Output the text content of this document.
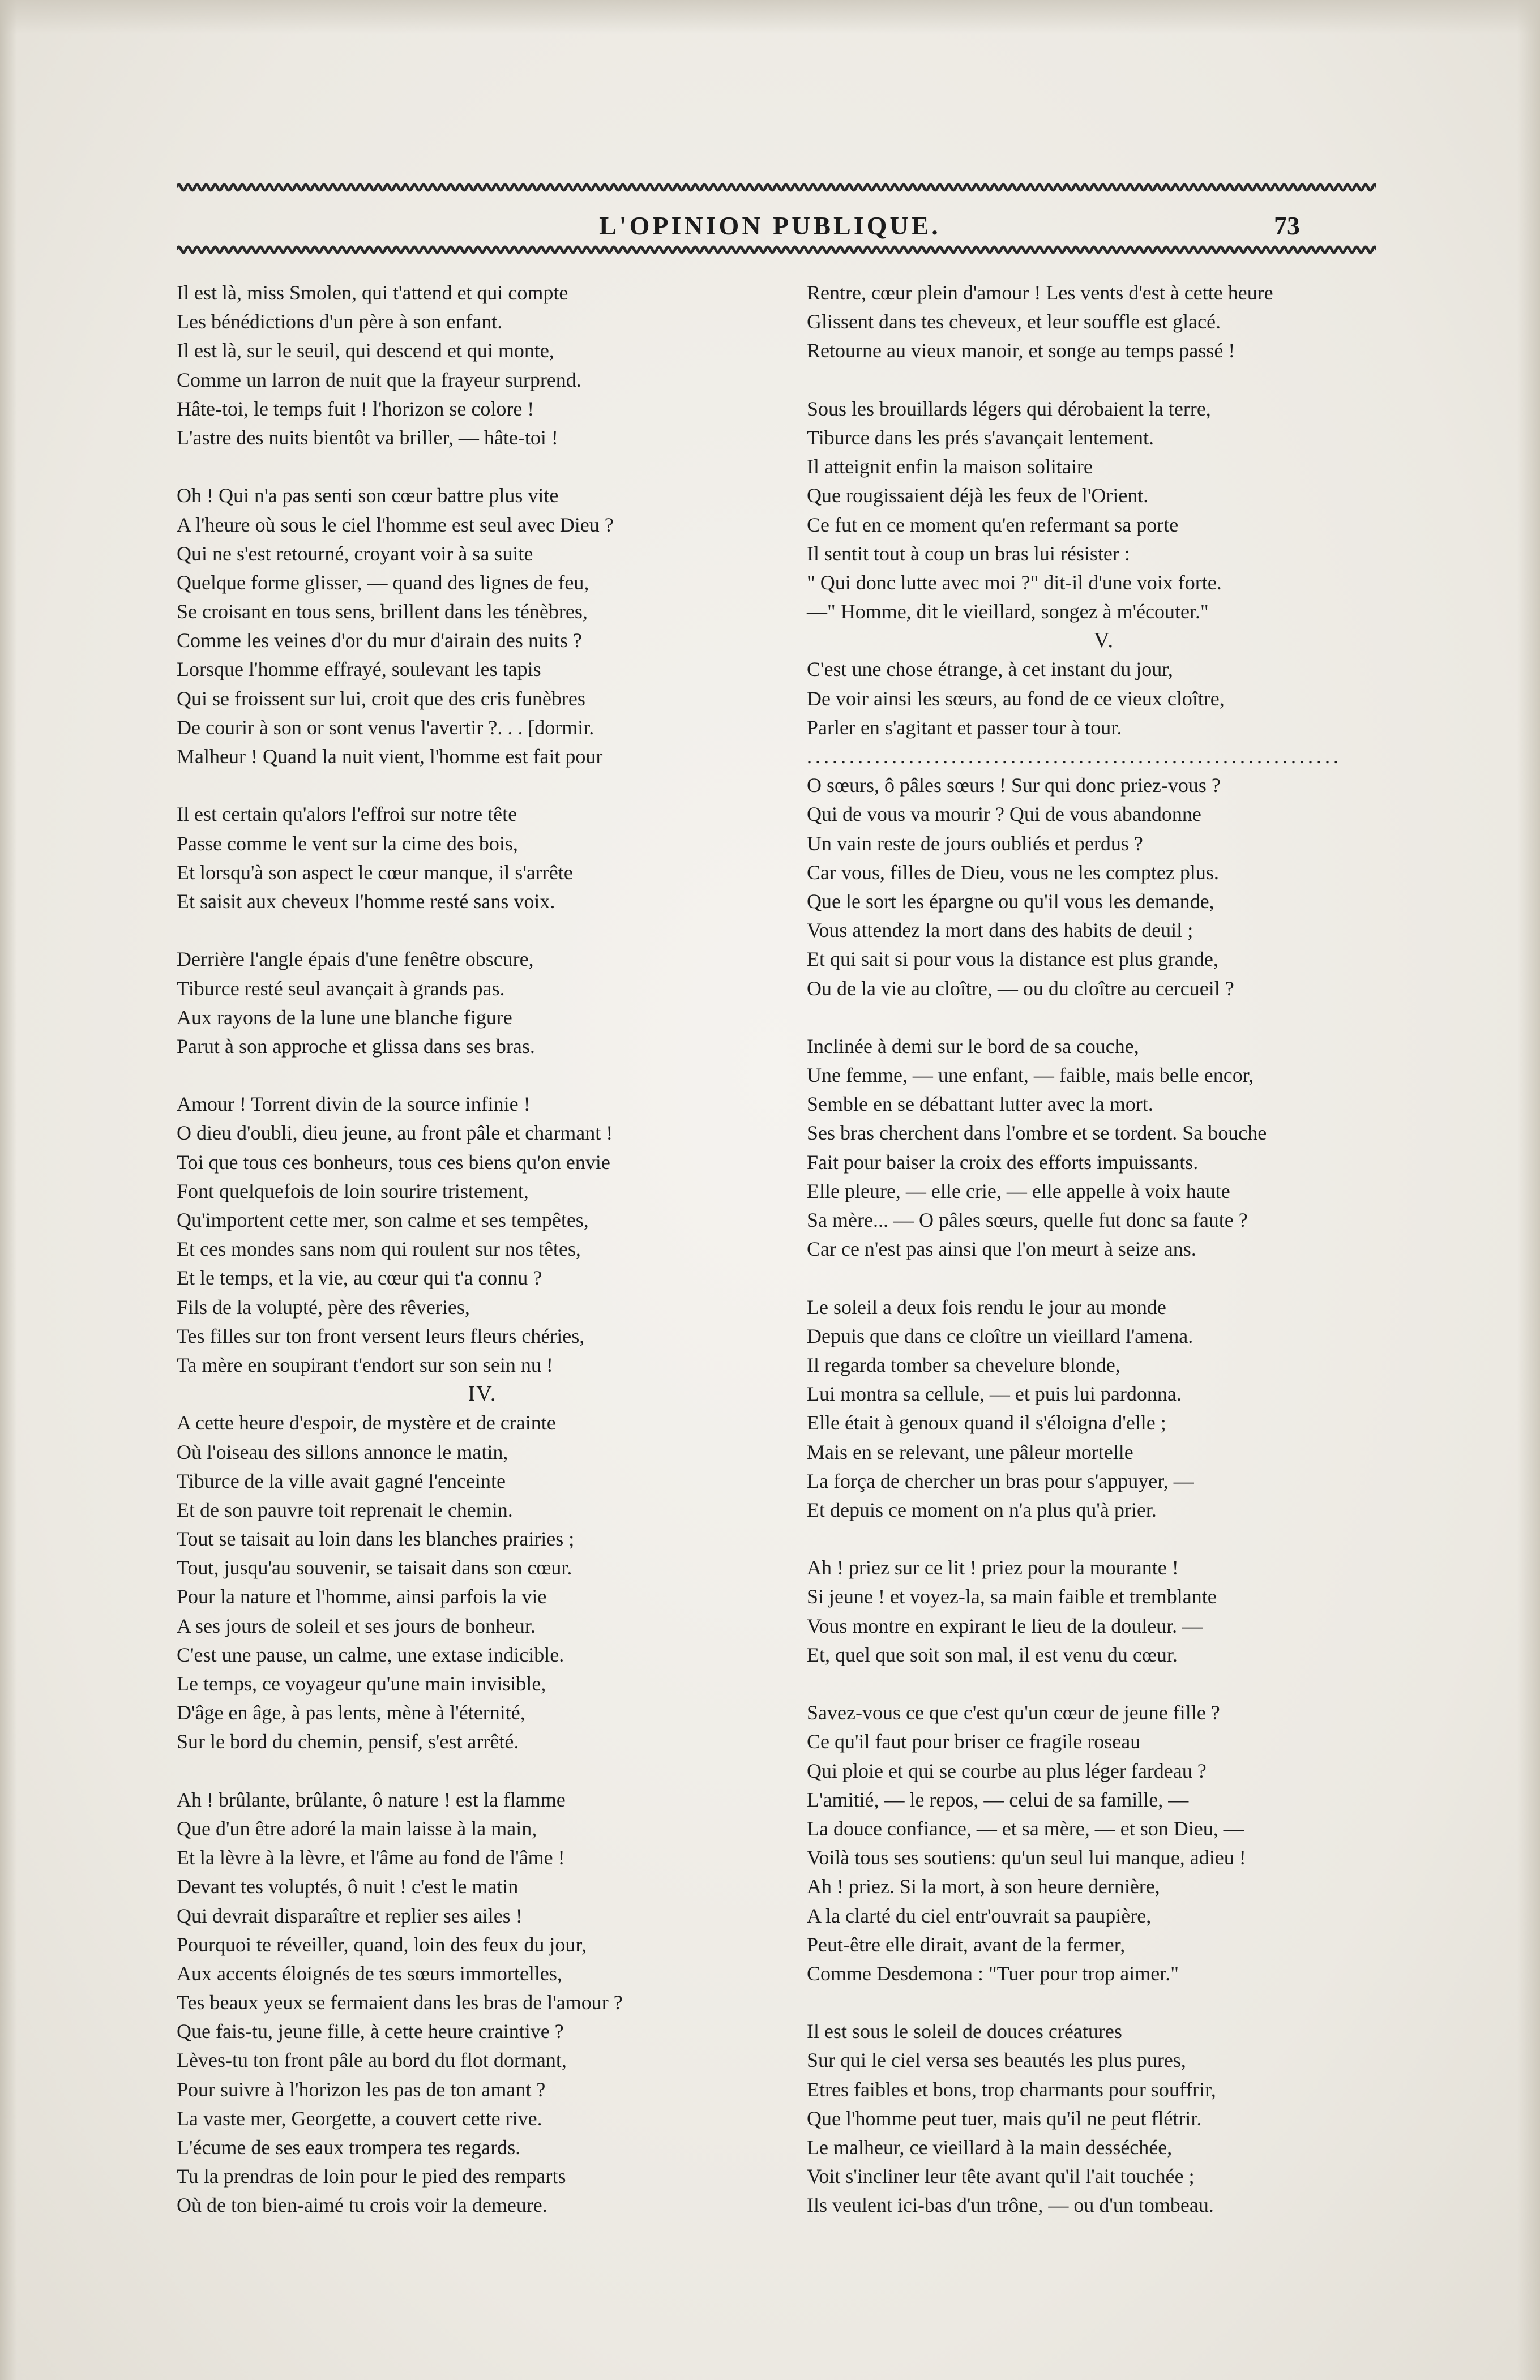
L'OPINION PUBLIQUE.	73
Il est là, miss Smolen, qui t'attend et qui compte
Les bénédictions d'un père à son enfant.
Il est là, sur le seuil, qui descend et qui monte,
Comme un larron de nuit que la frayeur surprend.
Hâte-toi, le temps fuit ! l'horizon se colore !
L'astre des nuits bientôt va briller, — hâte-toi !
Oh ! Qui n'a pas senti son cœur battre plus vite
A l'heure où sous le ciel l'homme est seul avec Dieu ?
Qui ne s'est retourné, croyant voir à sa suite
Quelque forme glisser, — quand des lignes de feu,
Se croisant en tous sens, brillent dans les ténèbres,
Comme les veines d'or du mur d'airain des nuits ?
Lorsque l'homme effrayé, soulevant les tapis
Qui se froissent sur lui, croit que des cris funèbres
De courir à son or sont venus l'avertir ?. . . [dormir.
Malheur ! Quand la nuit vient, l'homme est fait pour
Il est certain qu'alors l'effroi sur notre tête
Passe comme le vent sur la cime des bois,
Et lorsqu'à son aspect le cœur manque, il s'arrête
Et saisit aux cheveux l'homme resté sans voix.
Derrière l'angle épais d'une fenêtre obscure,
Tiburce resté seul avançait à grands pas.
Aux rayons de la lune une blanche figure
Parut à son approche et glissa dans ses bras.
Amour ! Torrent divin de la source infinie !
O dieu d'oubli, dieu jeune, au front pâle et charmant !
Toi que tous ces bonheurs, tous ces biens qu'on envie
Font quelquefois de loin sourire tristement,
Qu'importent cette mer, son calme et ses tempêtes,
Et ces mondes sans nom qui roulent sur nos têtes,
Et le temps, et la vie, au cœur qui t'a connu ?
Fils de la volupté, père des rêveries,
Tes filles sur ton front versent leurs fleurs chéries,
Ta mère en soupirant t'endort sur son sein nu !
IV.
A cette heure d'espoir, de mystère et de crainte
Où l'oiseau des sillons annonce le matin,
Tiburce de la ville avait gagné l'enceinte
Et de son pauvre toit reprenait le chemin.
Tout se taisait au loin dans les blanches prairies ;
Tout, jusqu'au souvenir, se taisait dans son cœur.
Pour la nature et l'homme, ainsi parfois la vie
A ses jours de soleil et ses jours de bonheur.
C'est une pause, un calme, une extase indicible.
Le temps, ce voyageur qu'une main invisible,
D'âge en âge, à pas lents, mène à l'éternité,
Sur le bord du chemin, pensif, s'est arrêté.
Ah ! brûlante, brûlante, ô nature ! est la flamme
Que d'un être adoré la main laisse à la main,
Et la lèvre à la lèvre, et l'âme au fond de l'âme !
Devant tes voluptés, ô nuit ! c'est le matin
Qui devrait disparaître et replier ses ailes !
Pourquoi te réveiller, quand, loin des feux du jour,
Aux accents éloignés de tes sœurs immortelles,
Tes beaux yeux se fermaient dans les bras de l'amour ?
Que fais-tu, jeune fille, à cette heure craintive ?
Lèves-tu ton front pâle au bord du flot dormant,
Pour suivre à l'horizon les pas de ton amant ?
La vaste mer, Georgette, a couvert cette rive.
L'écume de ses eaux trompera tes regards.
Tu la prendras de loin pour le pied des remparts
Où de ton bien-aimé tu crois voir la demeure.
Rentre, cœur plein d'amour ! Les vents d'est à cette heure
Glissent dans tes cheveux, et leur souffle est glacé.
Retourne au vieux manoir, et songe au temps passé !
Sous les brouillards légers qui dérobaient la terre,
Tiburce dans les prés s'avançait lentement.
Il atteignit enfin la maison solitaire
Que rougissaient déjà les feux de l'Orient.
Ce fut en ce moment qu'en refermant sa porte
Il sentit tout à coup un bras lui résister :
" Qui donc lutte avec moi ?" dit-il d'une voix forte.
—" Homme, dit le vieillard, songez à m'écouter."
V.
C'est une chose étrange, à cet instant du jour,
De voir ainsi les sœurs, au fond de ce vieux cloître,
Parler en s'agitant et passer tour à tour.
...............................................................
O sœurs, ô pâles sœurs ! Sur qui donc priez-vous ?
Qui de vous va mourir ? Qui de vous abandonne
Un vain reste de jours oubliés et perdus ?
Car vous, filles de Dieu, vous ne les comptez plus.
Que le sort les épargne ou qu'il vous les demande,
Vous attendez la mort dans des habits de deuil ;
Et qui sait si pour vous la distance est plus grande,
Ou de la vie au cloître, — ou du cloître au cercueil ?
Inclinée à demi sur le bord de sa couche,
Une femme, — une enfant, — faible, mais belle encor,
Semble en se débattant lutter avec la mort.
Ses bras cherchent dans l'ombre et se tordent. Sa bouche
Fait pour baiser la croix des efforts impuissants.
Elle pleure, — elle crie, — elle appelle à voix haute
Sa mère... — O pâles sœurs, quelle fut donc sa faute ?
Car ce n'est pas ainsi que l'on meurt à seize ans.
Le soleil a deux fois rendu le jour au monde
Depuis que dans ce cloître un vieillard l'amena.
Il regarda tomber sa chevelure blonde,
Lui montra sa cellule, — et puis lui pardonna.
Elle était à genoux quand il s'éloigna d'elle ;
Mais en se relevant, une pâleur mortelle
La força de chercher un bras pour s'appuyer, —
Et depuis ce moment on n'a plus qu'à prier.
Ah ! priez sur ce lit ! priez pour la mourante !
Si jeune ! et voyez-la, sa main faible et tremblante
Vous montre en expirant le lieu de la douleur. —
Et, quel que soit son mal, il est venu du cœur.
Savez-vous ce que c'est qu'un cœur de jeune fille ?
Ce qu'il faut pour briser ce fragile roseau
Qui ploie et qui se courbe au plus léger fardeau ?
L'amitié, — le repos, — celui de sa famille, —
La douce confiance, — et sa mère, — et son Dieu, —
Voilà tous ses soutiens: qu'un seul lui manque, adieu !
Ah ! priez. Si la mort, à son heure dernière,
A la clarté du ciel entr'ouvrait sa paupière,
Peut-être elle dirait, avant de la fermer,
Comme Desdemona : "Tuer pour trop aimer."
Il est sous le soleil de douces créatures
Sur qui le ciel versa ses beautés les plus pures,
Etres faibles et bons, trop charmants pour souffrir,
Que l'homme peut tuer, mais qu'il ne peut flétrir.
Le malheur, ce vieillard à la main desséchée,
Voit s'incliner leur tête avant qu'il l'ait touchée ;
Ils veulent ici-bas d'un trône, — ou d'un tombeau.
